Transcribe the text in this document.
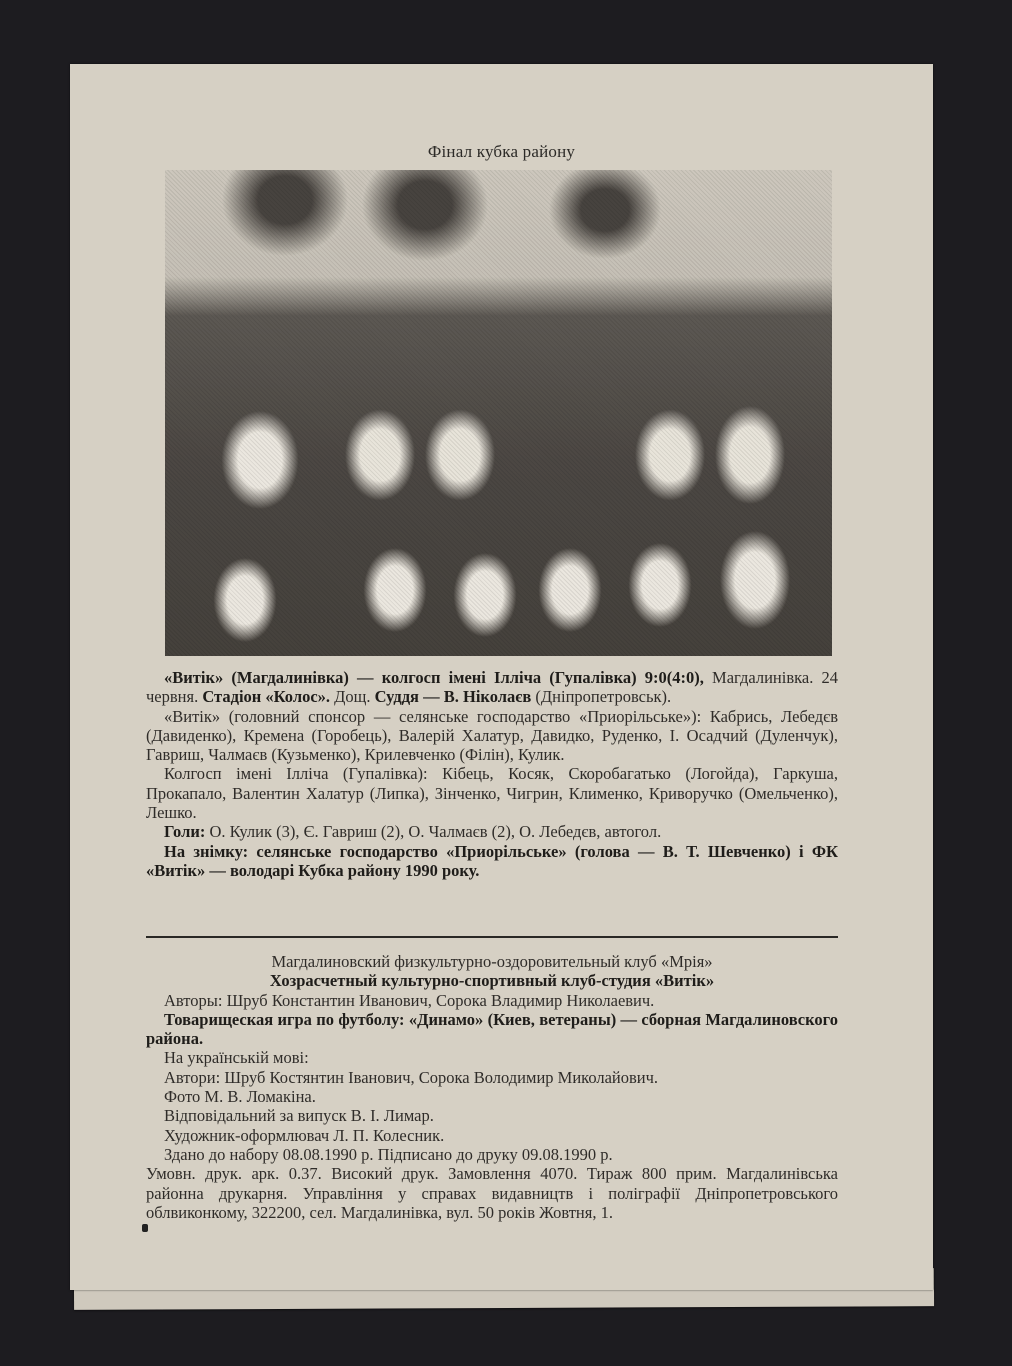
Фінал кубка району

«Витік» (Магдалинівка) — колгосп імені Ілліча (Гупалівка) 9:0(4:0), Магдалинівка. 24 червня. Стадіон «Колос». Дощ. Суддя — В. Ніколаєв (Дніпропетровськ).

«Витік» (головний спонсор — селянське господарство «Приорільське»): Кабрись, Лебедєв (Давиденко), Кремена (Горобець), Валерій Халатур, Давидко, Руденко, І. Осадчий (Дуленчук), Гавриш, Чалмаєв (Кузьменко), Крилевченко (Філін), Кулик.

Колгосп імені Ілліча (Гупалівка): Кібець, Косяк, Скоробагатько (Логойда), Гаркуша, Прокапало, Валентин Халатур (Липка), Зінченко, Чигрин, Клименко, Криворучко (Омельченко), Лешко.

Голи: О. Кулик (3), Є. Гавриш (2), О. Чалмаєв (2), О. Лебедєв, автогол.

На знімку: селянське господарство «Приорільське» (голова — В. Т. Шевченко) і ФК «Витік» — володарі Кубка району 1990 року.

Магдалиновский физкультурно-оздоровительный клуб «Мрія»

Хозрасчетный культурно-спортивный клуб-студия «Витік»

Авторы: Шруб Константин Иванович, Сорока Владимир Николаевич.

Товарищеская игра по футболу: «Динамо» (Киев, ветераны) — сборная Магдалиновского района.

На українській мові:

Автори: Шруб Костянтин Іванович, Сорока Володимир Миколайович.

Фото М. В. Ломакіна.

Відповідальний за випуск В. І. Лимар.

Художник-оформлювач Л. П. Колесник.

Здано до набору 08.08.1990 р. Підписано до друку 09.08.1990 р.

Умовн. друк. арк. 0.37. Високий друк. Замовлення 4070. Тираж 800 прим. Магдалинівська районна друкарня. Управління у справах видавництв і поліграфії Дніпропетровського облвиконкому, 322200, сел. Магдалинівка, вул. 50 років Жовтня, 1.
